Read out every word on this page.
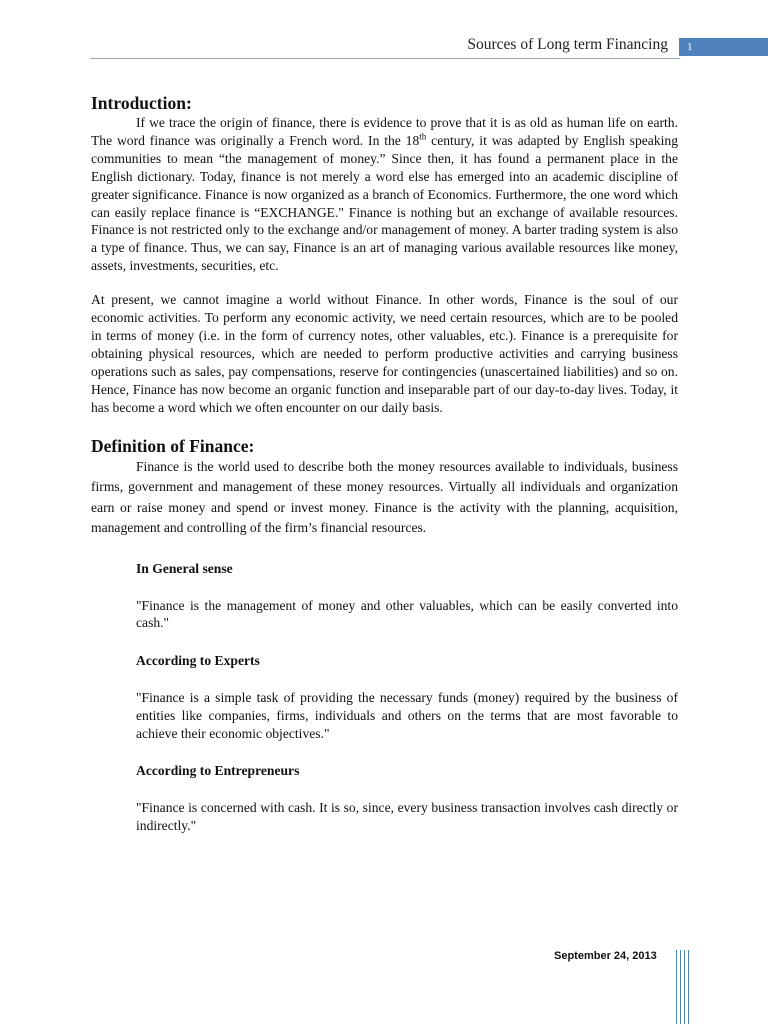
Sources of Long term Financing	1
Introduction:

If we trace the origin of finance, there is evidence to prove that it is as old as human life on earth. The word finance was originally a French word. In the 18th century, it was adapted by English speaking communities to mean “the management of money.” Since then, it has found a permanent place in the English dictionary. Today, finance is not merely a word else has emerged into an academic discipline of greater significance. Finance is now organized as a branch of Economics. Furthermore, the one word which can easily replace finance is “EXCHANGE." Finance is nothing but an exchange of available resources. Finance is not restricted only to the exchange and/or management of money. A barter trading system is also a type of finance. Thus, we can say, Finance is an art of managing various available resources like money, assets, investments, securities, etc.

At present, we cannot imagine a world without Finance. In other words, Finance is the soul of our economic activities. To perform any economic activity, we need certain resources, which are to be pooled in terms of money (i.e. in the form of currency notes, other valuables, etc.). Finance is a prerequisite for obtaining physical resources, which are needed to perform productive activities and carrying business operations such as sales, pay compensations, reserve for contingencies (unascertained liabilities) and so on. Hence, Finance has now become an organic function and inseparable part of our day-to-day lives. Today, it has become a word which we often encounter on our daily basis.

Definition of Finance:

Finance is the world used to describe both the money resources available to individuals, business firms, government and management of these money resources. Virtually all individuals and organization earn or raise money and spend or invest money. Finance is the activity with the planning, acquisition, management and controlling of the firm’s financial resources.

In General sense

"Finance is the management of money and other valuables, which can be easily converted into cash."

According to Experts

"Finance is a simple task of providing the necessary funds (money) required by the business of entities like companies, firms, individuals and others on the terms that are most favorable to achieve their economic objectives."

According to Entrepreneurs

"Finance is concerned with cash. It is so, since, every business transaction involves cash directly or indirectly."

September 24, 2013
